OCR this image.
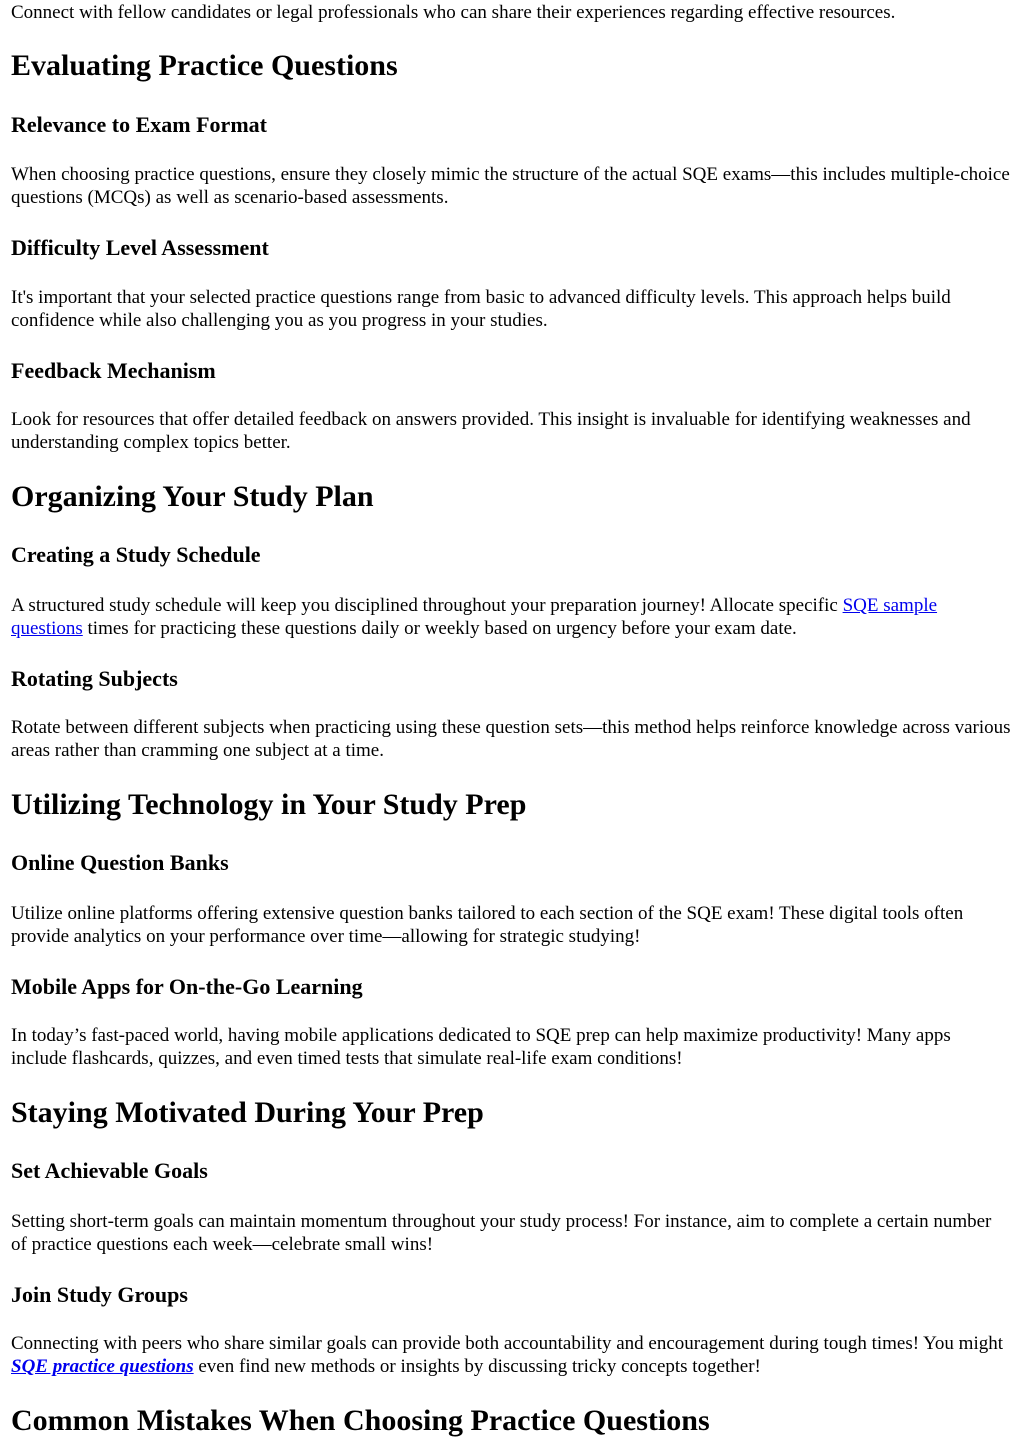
Connect with fellow candidates or legal professionals who can share their experiences regarding effective resources.

Evaluating Practice Questions
Relevance to Exam Format

When choosing practice questions, ensure they closely mimic the structure of the actual SQE exams—this includes multiple-choice questions (MCQs) as well as scenario-based assessments.

Difficulty Level Assessment

It's important that your selected practice questions range from basic to advanced difficulty levels. This approach helps build confidence while also challenging you as you progress in your studies.

Feedback Mechanism

Look for resources that offer detailed feedback on answers provided. This insight is invaluable for identifying weaknesses and understanding complex topics better.

Organizing Your Study Plan
Creating a Study Schedule

A structured study schedule will keep you disciplined throughout your preparation journey! Allocate specific SQE sample questions times for practicing these questions daily or weekly based on urgency before your exam date.

Rotating Subjects

Rotate between different subjects when practicing using these question sets—this method helps reinforce knowledge across various areas rather than cramming one subject at a time.

Utilizing Technology in Your Study Prep
Online Question Banks

Utilize online platforms offering extensive question banks tailored to each section of the SQE exam! These digital tools often provide analytics on your performance over time—allowing for strategic studying!

Mobile Apps for On-the-Go Learning

In today’s fast-paced world, having mobile applications dedicated to SQE prep can help maximize productivity! Many apps include flashcards, quizzes, and even timed tests that simulate real-life exam conditions!

Staying Motivated During Your Prep
Set Achievable Goals

Setting short-term goals can maintain momentum throughout your study process! For instance, aim to complete a certain number of practice questions each week—celebrate small wins!

Join Study Groups

Connecting with peers who share similar goals can provide both accountability and encouragement during tough times! You might SQE practice questions even find new methods or insights by discussing tricky concepts together!

Common Mistakes When Choosing Practice Questions
